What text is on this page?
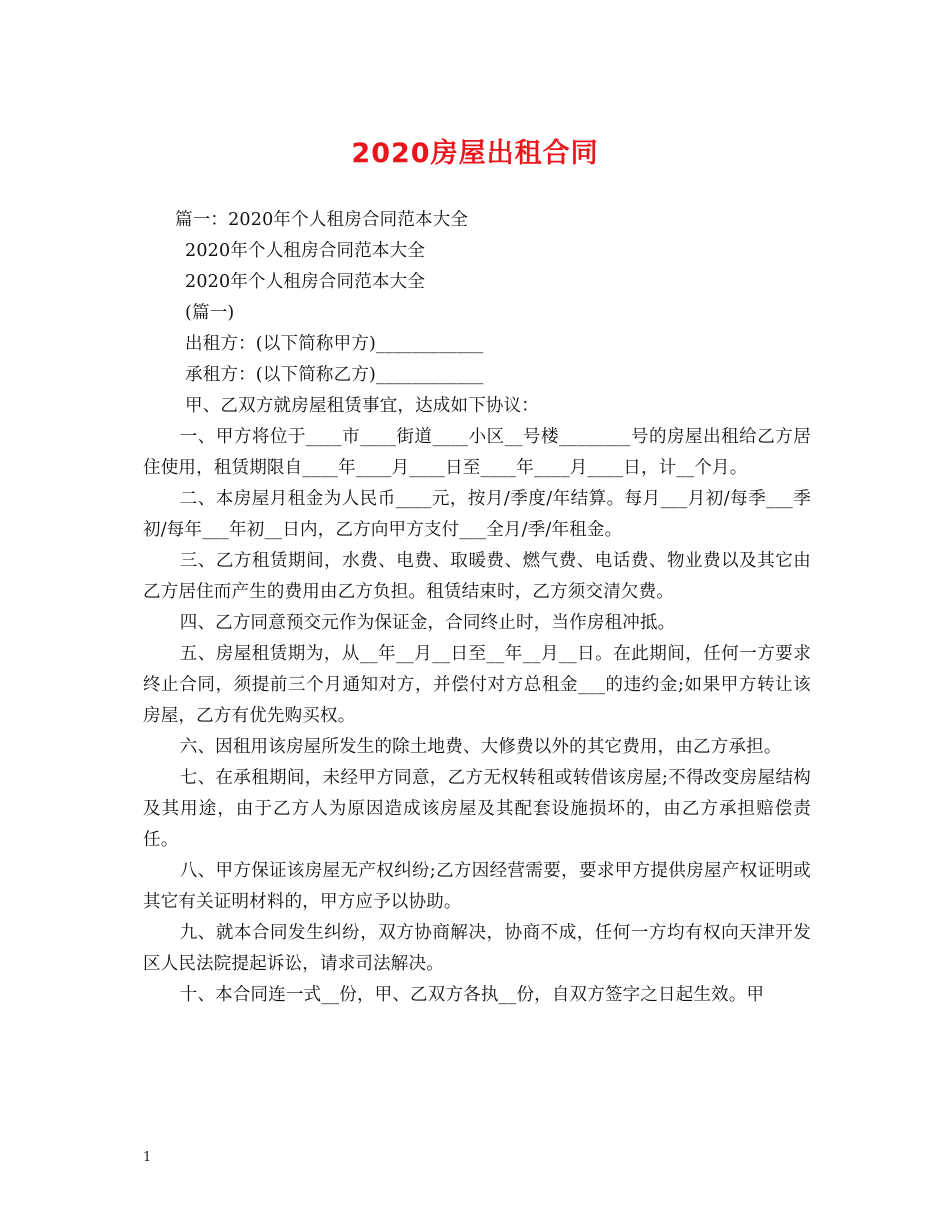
2020房屋出租合同
篇一：2020年个人租房合同范本大全
2020年个人租房合同范本大全
2020年个人租房合同范本大全
(篇一)
出租方：(以下简称甲方)____________
承租方：(以下简称乙方)____________
甲、乙双方就房屋租赁事宜，达成如下协议：

一、甲方将位于____市____街道____小区__号楼________号的房屋出租给乙方居住使用，租赁期限自____年____月____日至____年____月____日，计__个月。

二、本房屋月租金为人民币____元，按月/季度/年结算。每月___月初/每季___季初/每年___年初__日内，乙方向甲方支付___全月/季/年租金。

三、乙方租赁期间，水费、电费、取暖费、燃气费、电话费、物业费以及其它由乙方居住而产生的费用由乙方负担。租赁结束时，乙方须交清欠费。

四、乙方同意预交元作为保证金，合同终止时，当作房租冲抵。

五、房屋租赁期为，从__年__月__日至__年__月__日。在此期间，任何一方要求终止合同，须提前三个月通知对方，并偿付对方总租金___的违约金;如果甲方转让该房屋，乙方有优先购买权。

六、因租用该房屋所发生的除土地费、大修费以外的其它费用，由乙方承担。

七、在承租期间，未经甲方同意，乙方无权转租或转借该房屋;不得改变房屋结构及其用途，由于乙方人为原因造成该房屋及其配套设施损坏的，由乙方承担赔偿责任。

八、甲方保证该房屋无产权纠纷;乙方因经营需要，要求甲方提供房屋产权证明或其它有关证明材料的，甲方应予以协助。

九、就本合同发生纠纷，双方协商解决，协商不成，任何一方均有权向天津开发区人民法院提起诉讼，请求司法解决。

十、本合同连一式__份，甲、乙双方各执__份，自双方签字之日起生效。甲

1
